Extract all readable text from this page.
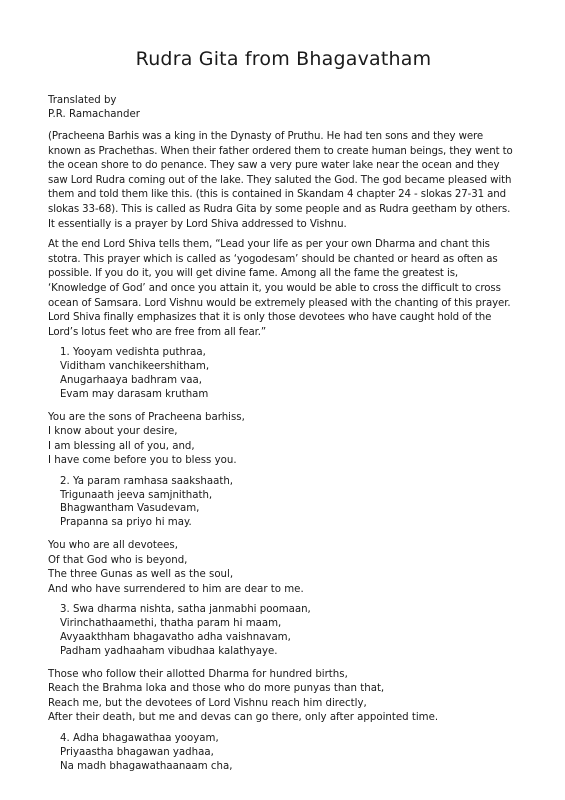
Rudra Gita from Bhagavatham
Translated by
P.R. Ramachander

(Pracheena Barhis was a king in the Dynasty of Pruthu. He had ten sons and they were known as Prachethas. When their father ordered them to create human beings, they went to the ocean shore to do penance. They saw a very pure water lake near the ocean and they saw Lord Rudra coming out of the lake. They saluted the God. The god became pleased with them and told them like this. (this is contained in Skandam 4 chapter 24 - slokas 27-31 and slokas 33-68). This is called as Rudra Gita by some people and as Rudra geetham by others. It essentially is a prayer by Lord Shiva addressed to Vishnu.

At the end Lord Shiva tells them, “Lead your life as per your own Dharma and chant this stotra. This prayer which is called as ‘yogodesam’ should be chanted or heard as often as possible. If you do it, you will get divine fame. Among all the fame the greatest is, ‘Knowledge of God’ and once you attain it, you would be able to cross the difficult to cross ocean of Samsara. Lord Vishnu would be extremely pleased with the chanting of this prayer. Lord Shiva finally emphasizes that it is only those devotees who have caught hold of the Lord’s lotus feet who are free from all fear.”

1. Yooyam vedishta puthraa,
Viditham vanchikeershitham,
Anugarhaaya badhram vaa,
Evam may darasam krutham
You are the sons of Pracheena barhiss,
I know about your desire,
I am blessing all of you, and,
I have come before you to bless you.
2. Ya param ramhasa saakshaath,
Trigunaath jeeva samjnithath,
Bhagwantham Vasudevam,
Prapanna sa priyo hi may.
You who are all devotees,
Of that God who is beyond,
The three Gunas as well as the soul,
And who have surrendered to him are dear to me.
3. Swa dharma nishta, satha janmabhi poomaan,
Virinchathaamethi, thatha param hi maam,
Avyaakthham bhagavatho adha vaishnavam,
Padham yadhaaham vibudhaa kalathyaye.
Those who follow their allotted Dharma for hundred births,
Reach the Brahma loka and those who do more punyas than that,
Reach me, but the devotees of Lord Vishnu reach him directly,
After their death, but me and devas can go there, only after appointed time.
4. Adha bhagawathaa yooyam,
Priyaastha bhagawan yadhaa,
Na madh bhagawathaanaam cha,
